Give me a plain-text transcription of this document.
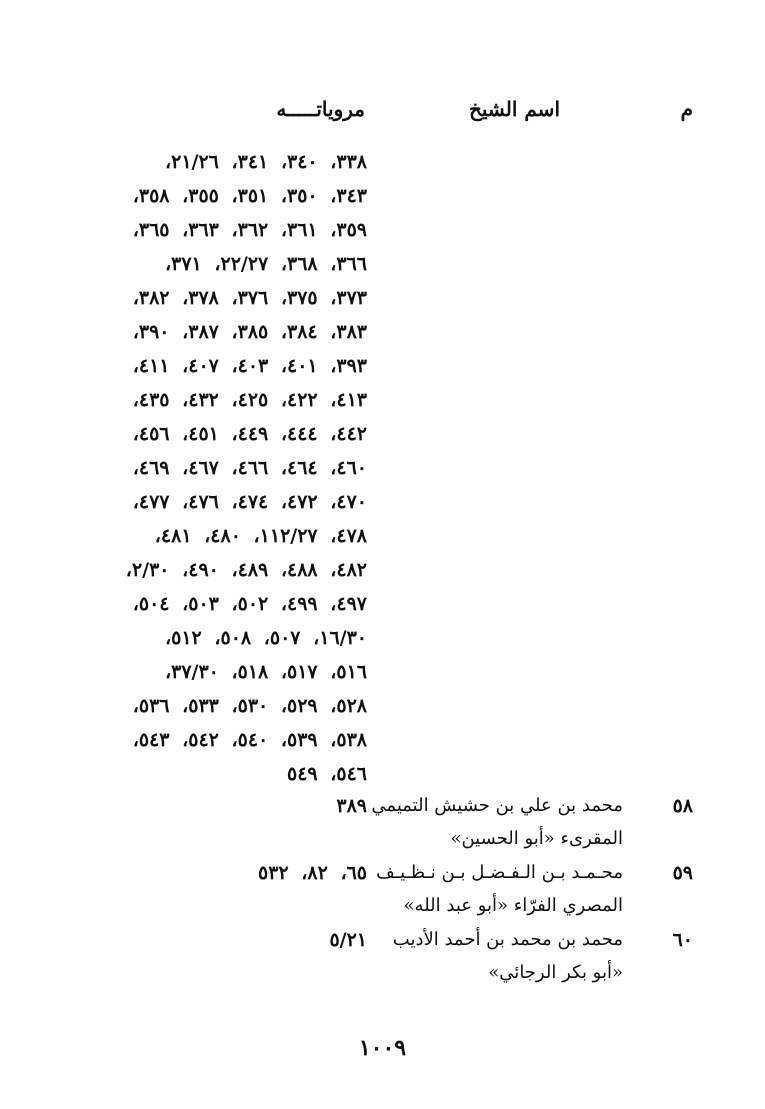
م
اسم الشيخ
مروياتـــــه
٣٣٨، ٣٤٠، ٣٤١، ٢١/٢٦،
٣٤٣، ٣٥٠، ٣٥١، ٣٥٥، ٣٥٨،
٣٥٩، ٣٦١، ٣٦٢، ٣٦٣، ٣٦٥،
٣٦٦، ٣٦٨، ٢٢/٢٧، ٣٧١،
٣٧٣، ٣٧٥، ٣٧٦، ٣٧٨، ٣٨٢،
٣٨٣، ٣٨٤، ٣٨٥، ٣٨٧، ٣٩٠،
٣٩٣، ٤٠١، ٤٠٣، ٤٠٧، ٤١١،
٤١٣، ٤٢٢، ٤٢٥، ٤٣٢، ٤٣٥،
٤٤٢، ٤٤٤، ٤٤٩، ٤٥١، ٤٥٦،
٤٦٠، ٤٦٤، ٤٦٦، ٤٦٧، ٤٦٩،
٤٧٠، ٤٧٢، ٤٧٤، ٤٧٦، ٤٧٧،
٤٧٨، ١١٢/٢٧، ٤٨٠، ٤٨١،
٤٨٢، ٤٨٨، ٤٨٩، ٤٩٠، ٢/٣٠،
٤٩٧، ٤٩٩، ٥٠٢، ٥٠٣، ٥٠٤،
١٦/٣٠، ٥٠٧، ٥٠٨، ٥١٢،
٥١٦، ٥١٧، ٥١٨، ٣٧/٣٠،
٥٢٨، ٥٢٩، ٥٣٠، ٥٣٣، ٥٣٦،
٥٣٨، ٥٣٩، ٥٤٠، ٥٤٢، ٥٤٣،
٥٤٦، ٥٤٩
٥٨
محمد بن علي بن حشيش التميمي
المقرىء «أبو الحسين»
٣٨٩
٥٩
محـمـد بـن الـفـضـل بـن نـظـيـف
المصري الفرّاء «أبو عبد الله»
٦٥، ٨٢، ٥٣٢
٦٠
محمد بن محمد بن أحمد الأديب
«أبو بكر الرجائي»
٥/٢١
١٠٠٩
